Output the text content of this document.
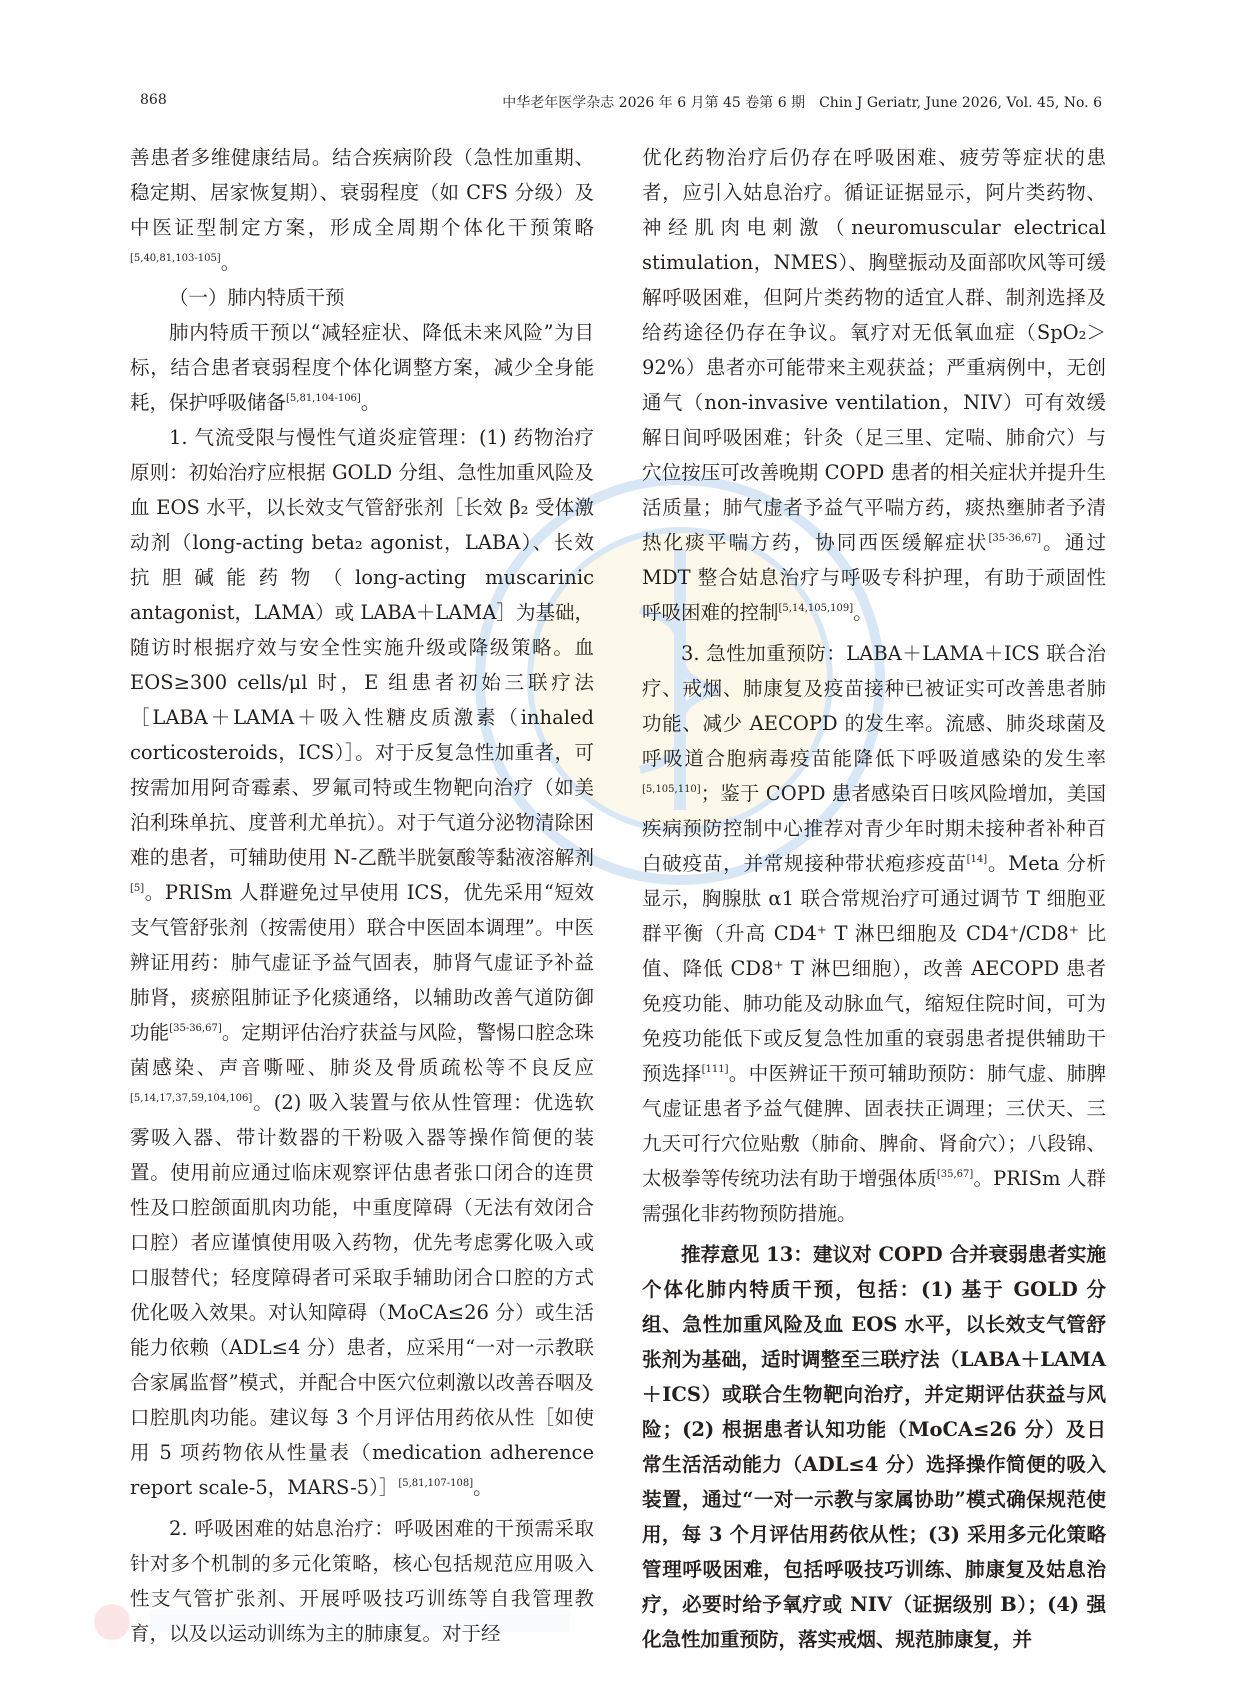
868	中华老年医学杂志 2026 年 6 月第 45 卷第 6 期　Chin J Geriatr, June 2026, Vol. 45, No. 6

善患者多维健康结局。结合疾病阶段（急性加重期、稳定期、居家恢复期）、衰弱程度（如 CFS 分级）及中医证型制定方案，形成全周期个体化干预策略[5,40,81,103-105]。

（一）肺内特质干预

肺内特质干预以“减轻症状、降低未来风险”为目标，结合患者衰弱程度个体化调整方案，减少全身能耗，保护呼吸储备[5,81,104-106]。

1. 气流受限与慢性气道炎症管理：(1) 药物治疗原则：初始治疗应根据 GOLD 分组、急性加重风险及血 EOS 水平，以长效支气管舒张剂［长效 β₂ 受体激动剂（long-acting beta₂ agonist，LABA）、长效抗胆碱能药物（long-acting muscarinic antagonist，LAMA）或 LABA＋LAMA］为基础，随访时根据疗效与安全性实施升级或降级策略。血 EOS≥300 cells/μl 时，E 组患者初始三联疗法［LABA＋LAMA＋吸入性糖皮质激素（inhaled corticosteroids，ICS）］。对于反复急性加重者，可按需加用阿奇霉素、罗氟司特或生物靶向治疗（如美泊利珠单抗、度普利尤单抗）。对于气道分泌物清除困难的患者，可辅助使用 N-乙酰半胱氨酸等黏液溶解剂[5]。PRISm 人群避免过早使用 ICS，优先采用“短效支气管舒张剂（按需使用）联合中医固本调理”。中医辨证用药：肺气虚证予益气固表，肺肾气虚证予补益肺肾，痰瘀阻肺证予化痰通络，以辅助改善气道防御功能[35-36,67]。定期评估治疗获益与风险，警惕口腔念珠菌感染、声音嘶哑、肺炎及骨质疏松等不良反应[5,14,17,37,59,104,106]。(2) 吸入装置与依从性管理：优选软雾吸入器、带计数器的干粉吸入器等操作简便的装置。使用前应通过临床观察评估患者张口闭合的连贯性及口腔颌面肌肉功能，中重度障碍（无法有效闭合口腔）者应谨慎使用吸入药物，优先考虑雾化吸入或口服替代；轻度障碍者可采取手辅助闭合口腔的方式优化吸入效果。对认知障碍（MoCA≤26 分）或生活能力依赖（ADL≤4 分）患者，应采用“一对一示教联合家属监督”模式，并配合中医穴位刺激以改善吞咽及口腔肌肉功能。建议每 3 个月评估用药依从性［如使用 5 项药物依从性量表（medication adherence report scale-5，MARS-5）］[5,81,107-108]。

2. 呼吸困难的姑息治疗：呼吸困难的干预需采取针对多个机制的多元化策略，核心包括规范应用吸入性支气管扩张剂、开展呼吸技巧训练等自我管理教育，以及以运动训练为主的肺康复。对于经

优化药物治疗后仍存在呼吸困难、疲劳等症状的患者，应引入姑息治疗。循证证据显示，阿片类药物、神经肌肉电刺激（neuromuscular electrical stimulation，NMES）、胸壁振动及面部吹风等可缓解呼吸困难，但阿片类药物的适宜人群、制剂选择及给药途径仍存在争议。氧疗对无低氧血症（SpO₂＞92%）患者亦可能带来主观获益；严重病例中，无创通气（non-invasive ventilation，NIV）可有效缓解日间呼吸困难；针灸（足三里、定喘、肺俞穴）与穴位按压可改善晚期 COPD 患者的相关症状并提升生活质量；肺气虚者予益气平喘方药，痰热壅肺者予清热化痰平喘方药，协同西医缓解症状[35-36,67]。通过 MDT 整合姑息治疗与呼吸专科护理，有助于顽固性呼吸困难的控制[5,14,105,109]。

3. 急性加重预防：LABA＋LAMA＋ICS 联合治疗、戒烟、肺康复及疫苗接种已被证实可改善患者肺功能、减少 AECOPD 的发生率。流感、肺炎球菌及呼吸道合胞病毒疫苗能降低下呼吸道感染的发生率[5,105,110]；鉴于 COPD 患者感染百日咳风险增加，美国疾病预防控制中心推荐对青少年时期未接种者补种百白破疫苗，并常规接种带状疱疹疫苗[14]。Meta 分析显示，胸腺肽 α1 联合常规治疗可通过调节 T 细胞亚群平衡（升高 CD4⁺ T 淋巴细胞及 CD4⁺/CD8⁺ 比值、降低 CD8⁺ T 淋巴细胞），改善 AECOPD 患者免疫功能、肺功能及动脉血气，缩短住院时间，可为免疫功能低下或反复急性加重的衰弱患者提供辅助干预选择[111]。中医辨证干预可辅助预防：肺气虚、肺脾气虚证患者予益气健脾、固表扶正调理；三伏天、三九天可行穴位贴敷（肺俞、脾俞、肾俞穴）；八段锦、太极拳等传统功法有助于增强体质[35,67]。PRISm 人群需强化非药物预防措施。

推荐意见 13：建议对 COPD 合并衰弱患者实施个体化肺内特质干预，包括：(1) 基于 GOLD 分组、急性加重风险及血 EOS 水平，以长效支气管舒张剂为基础，适时调整至三联疗法（LABA＋LAMA＋ICS）或联合生物靶向治疗，并定期评估获益与风险；(2) 根据患者认知功能（MoCA≤26 分）及日常生活活动能力（ADL≤4 分）选择操作简便的吸入装置，通过“一对一示教与家属协助”模式确保规范使用，每 3 个月评估用药依从性；(3) 采用多元化策略管理呼吸困难，包括呼吸技巧训练、肺康复及姑息治疗，必要时给予氧疗或 NIV（证据级别 B）；(4) 强化急性加重预防，落实戒烟、规范肺康复，并
